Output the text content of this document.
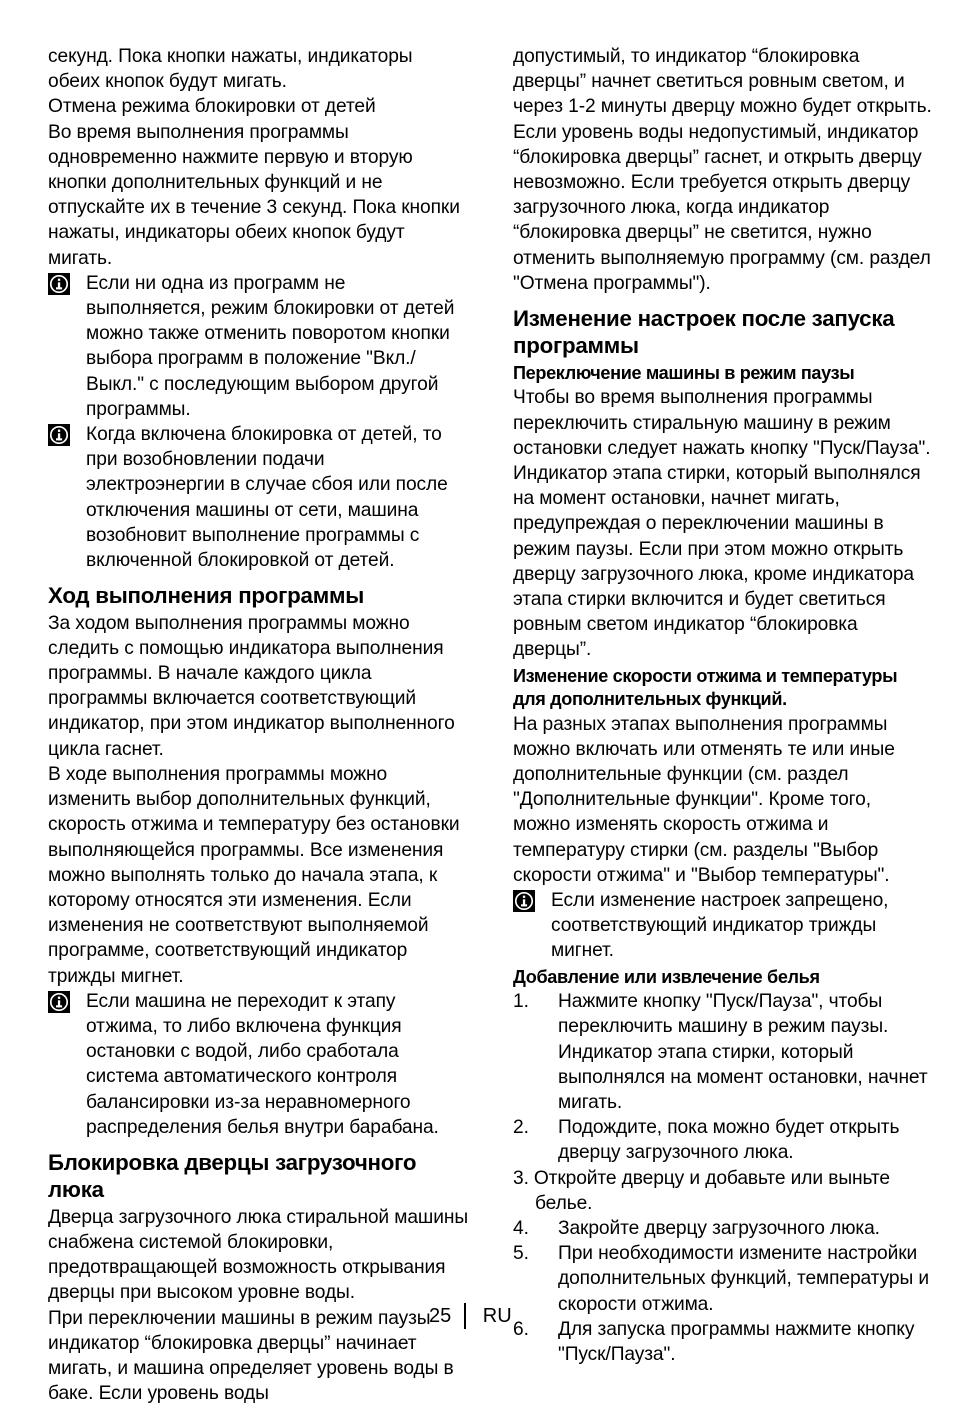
секунд. Пока кнопки нажаты, индикаторы обеих кнопок будут мигать.

Отмена режима блокировки от детей

Во время выполнения программы одновременно нажмите первую и вторую кнопки дополнительных функций и не отпускайте их в течение 3 секунд. Пока кнопки нажаты, индикаторы обеих кнопок будут мигать.

Если ни одна из программ не выполняется, режим блокировки от детей можно также отменить поворотом кнопки выбора программ в положение "Вкл./Выкл." с последующим выбором другой программы.
Когда включена блокировка от детей, то при возобновлении подачи электроэнергии в случае сбоя или после отключения машины от сети, машина возобновит выполнение программы с включенной блокировкой от детей.
Ход выполнения программы

За ходом выполнения программы можно следить с помощью индикатора выполнения программы. В начале каждого цикла программы включается соответствующий индикатор, при этом индикатор выполненного цикла гаснет.

В ходе выполнения программы можно изменить выбор дополнительных функций, скорость отжима и температуру без остановки выполняющейся программы. Все изменения можно выполнять только до начала этапа, к которому относятся эти изменения. Если изменения не соответствуют выполняемой программе, соответствующий индикатор трижды мигнет.

Если машина не переходит к этапу отжима, то либо включена функция остановки с водой, либо сработала система автоматического контроля балансировки из-за неравномерного распределения белья внутри барабана.
Блокировка дверцы загрузочного люка

Дверца загрузочного люка стиральной машины снабжена системой блокировки, предотвращающей возможность открывания дверцы при высоком уровне воды.

При переключении машины в режим паузы индикатор “блокировка дверцы” начинает мигать, и машина определяет уровень воды в баке. Если уровень воды

допустимый, то индикатор “блокировка дверцы” начнет светиться ровным светом, и через 1-2 минуты дверцу можно будет открыть.

Если уровень воды недопустимый, индикатор “блокировка дверцы” гаснет, и открыть дверцу невозможно. Если требуется открыть дверцу загрузочного люка, когда индикатор “блокировка дверцы” не светится, нужно отменить выполняемую программу (см. раздел "Отмена программы").

Изменение настроек после запуска программы
Переключение машины в режим паузы

Чтобы во время выполнения программы переключить стиральную машину в режим остановки следует нажать кнопку "Пуск/Пауза". Индикатор этапа стирки, который выполнялся на момент остановки, начнет мигать, предупреждая о переключении машины в режим паузы. Если при этом можно открыть дверцу загрузочного люка, кроме индикатора этапа стирки включится и будет светиться ровным светом индикатор “блокировка дверцы”.

Изменение скорости отжима и температуры для дополнительных функций.

На разных этапах выполнения программы можно включать или отменять те или иные дополнительные функции (см. раздел "Дополнительные функции". Кроме того, можно изменять скорость отжима и температуру стирки (см. разделы "Выбор скорости отжима" и "Выбор температуры".

Если изменение настроек запрещено, соответствующий индикатор трижды мигнет.
Добавление или извлечение белья
1.	Нажмите кнопку "Пуск/Пауза", чтобы переключить машину в режим паузы. Индикатор этапа стирки, который выполнялся на момент остановки, начнет мигать.
2.	Подождите, пока можно будет открыть дверцу загрузочного люка.
3. Откройте дверцу и добавьте или выньте белье.
4.	Закройте дверцу загрузочного люка.
5.	При необходимости измените настройки дополнительных функций, температуры и скорости отжима.
6.	Для запуска программы нажмите кнопку "Пуск/Пауза".
25	RU
